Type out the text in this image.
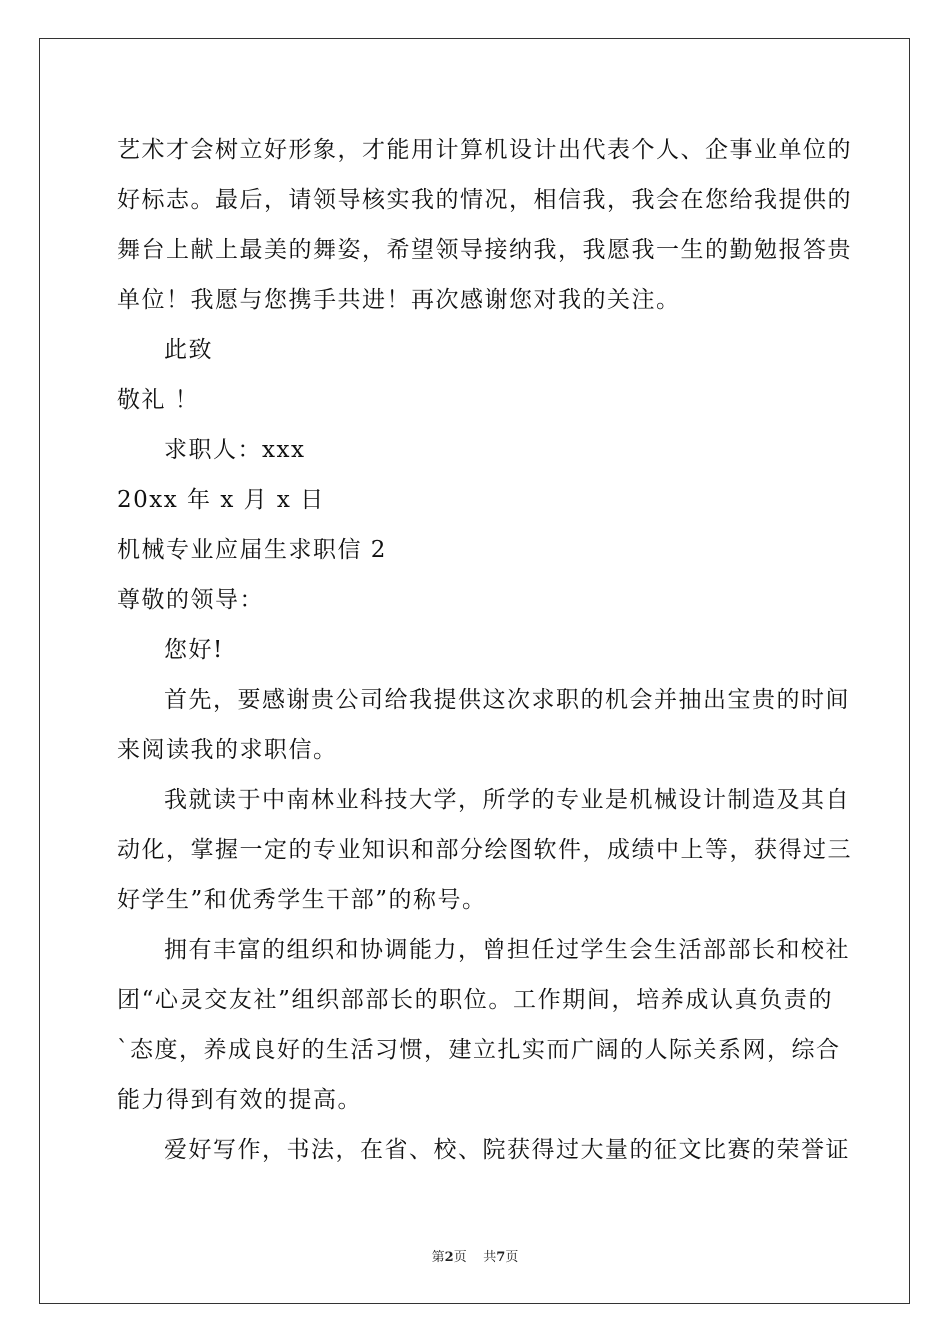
艺术才会树立好形象，才能用计算机设计出代表个人、企事业单位的
好标志。最后，请领导核实我的情况，相信我，我会在您给我提供的
舞台上献上最美的舞姿，希望领导接纳我，我愿我一生的勤勉报答贵
单位！我愿与您携手共进！再次感谢您对我的关注。
此致
敬礼 ！
求职人：xxx
20xx 年 x 月 x 日
机械专业应届生求职信 2
尊敬的领导：
您好!
首先，要感谢贵公司给我提供这次求职的机会并抽出宝贵的时间
来阅读我的求职信。
我就读于中南林业科技大学，所学的专业是机械设计制造及其自
动化，掌握一定的专业知识和部分绘图软件，成绩中上等，获得过三
好学生”和优秀学生干部”的称号。
拥有丰富的组织和协调能力，曾担任过学生会生活部部长和校社
团“心灵交友社”组织部部长的职位。工作期间，培养成认真负责的
`态度，养成良好的生活习惯，建立扎实而广阔的人际关系网，综合
能力得到有效的提高。
爱好写作，书法，在省、校、院获得过大量的征文比赛的荣誉证
第2页 共7页
